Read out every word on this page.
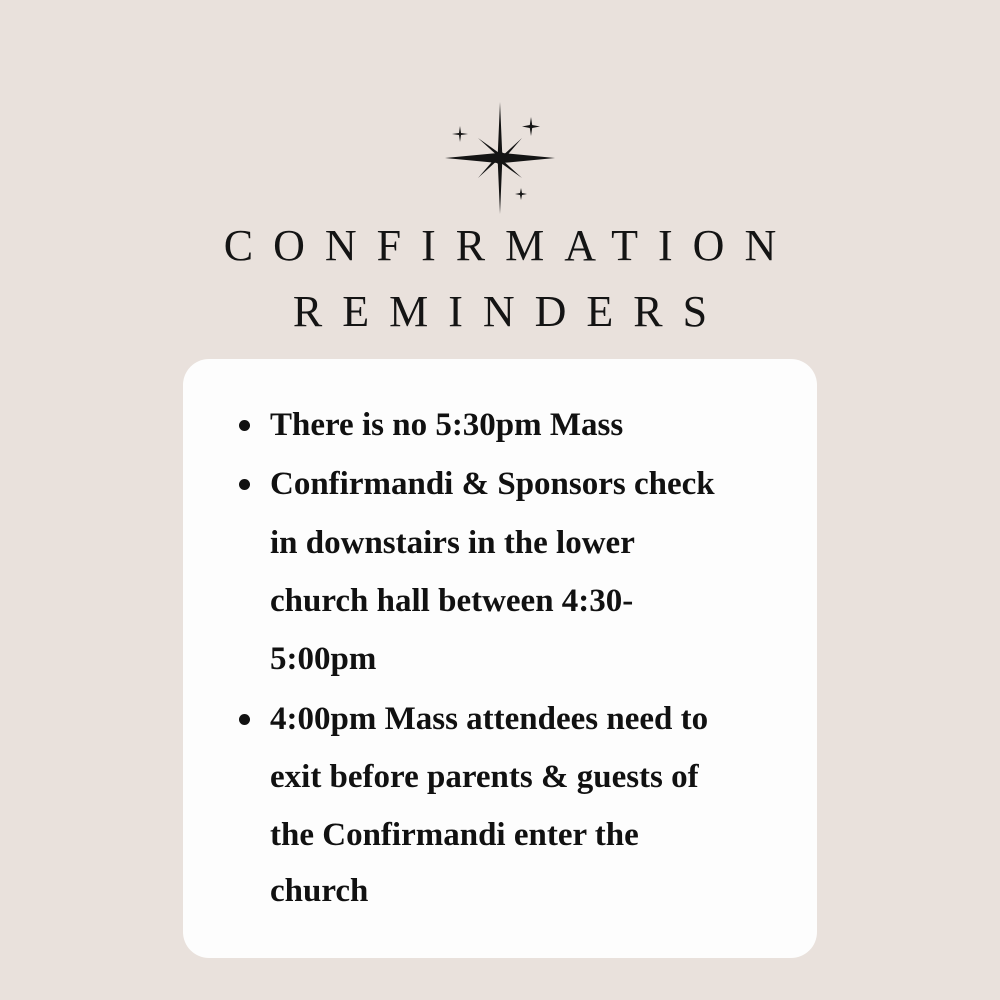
CONFIRMATION
REMINDERS
There is no 5:30pm Mass
Confirmandi & Sponsors check
in downstairs in the lower
church hall between 4:30-
5:00pm
4:00pm Mass attendees need to
exit before parents & guests of
the Confirmandi enter the
church
